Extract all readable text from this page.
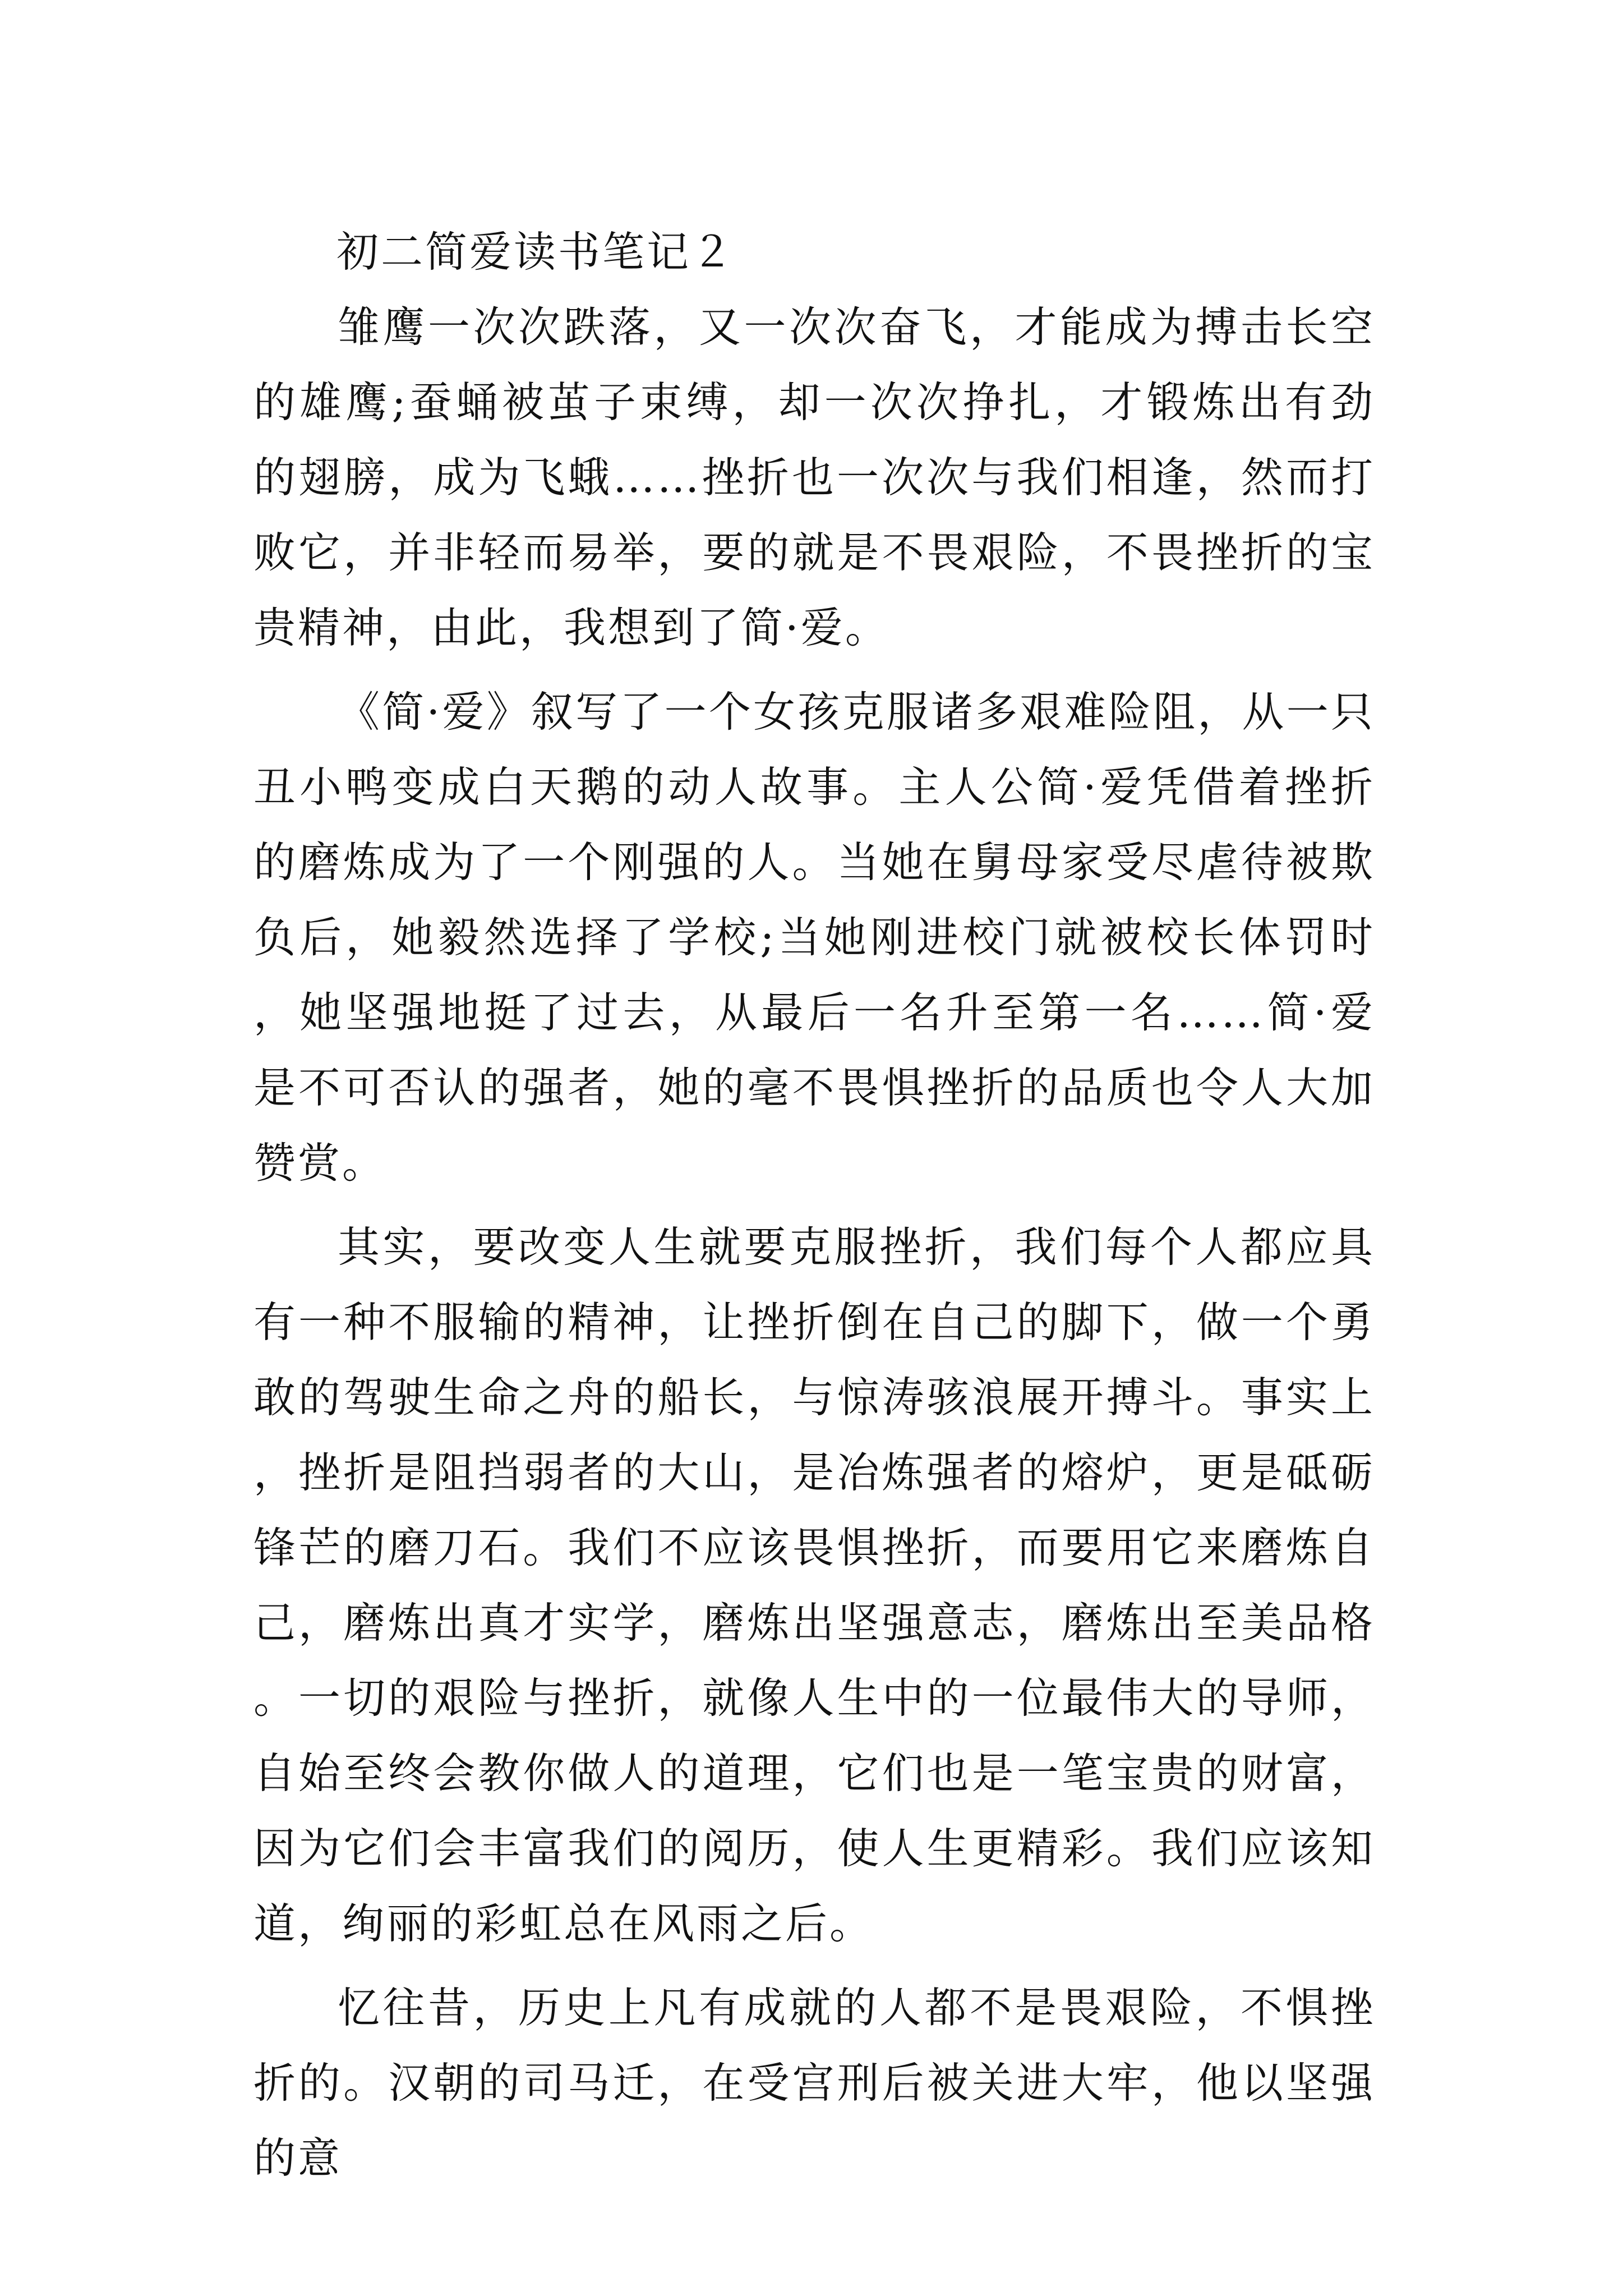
初二简爱读书笔记２

雏鹰一次次跌落，又一次次奋飞，才能成为搏击长空的雄鹰;蚕蛹被茧子束缚，却一次次挣扎，才锻炼出有劲的翅膀，成为飞蛾……挫折也一次次与我们相逢，然而打败它，并非轻而易举，要的就是不畏艰险，不畏挫折的宝贵精神，由此，我想到了简·爱。

《简·爱》叙写了一个女孩克服诸多艰难险阻，从一只丑小鸭变成白天鹅的动人故事。主人公简·爱凭借着挫折的磨炼成为了一个刚强的人。当她在舅母家受尽虐待被欺负后，她毅然选择了学校;当她刚进校门就被校长体罚时，她坚强地挺了过去，从最后一名升至第一名……简·爱是不可否认的强者，她的毫不畏惧挫折的品质也令人大加赞赏。

其实，要改变人生就要克服挫折，我们每个人都应具有一种不服输的精神，让挫折倒在自己的脚下，做一个勇敢的驾驶生命之舟的船长，与惊涛骇浪展开搏斗。事实上，挫折是阻挡弱者的大山，是冶炼强者的熔炉，更是砥砺锋芒的磨刀石。我们不应该畏惧挫折，而要用它来磨炼自己，磨炼出真才实学，磨炼出坚强意志，磨炼出至美品格。一切的艰险与挫折，就像人生中的一位最伟大的导师，自始至终会教你做人的道理，它们也是一笔宝贵的财富，因为它们会丰富我们的阅历，使人生更精彩。我们应该知道，绚丽的彩虹总在风雨之后。

忆往昔，历史上凡有成就的人都不是畏艰险，不惧挫折的。汉朝的司马迁，在受宫刑后被关进大牢，他以坚强的意
